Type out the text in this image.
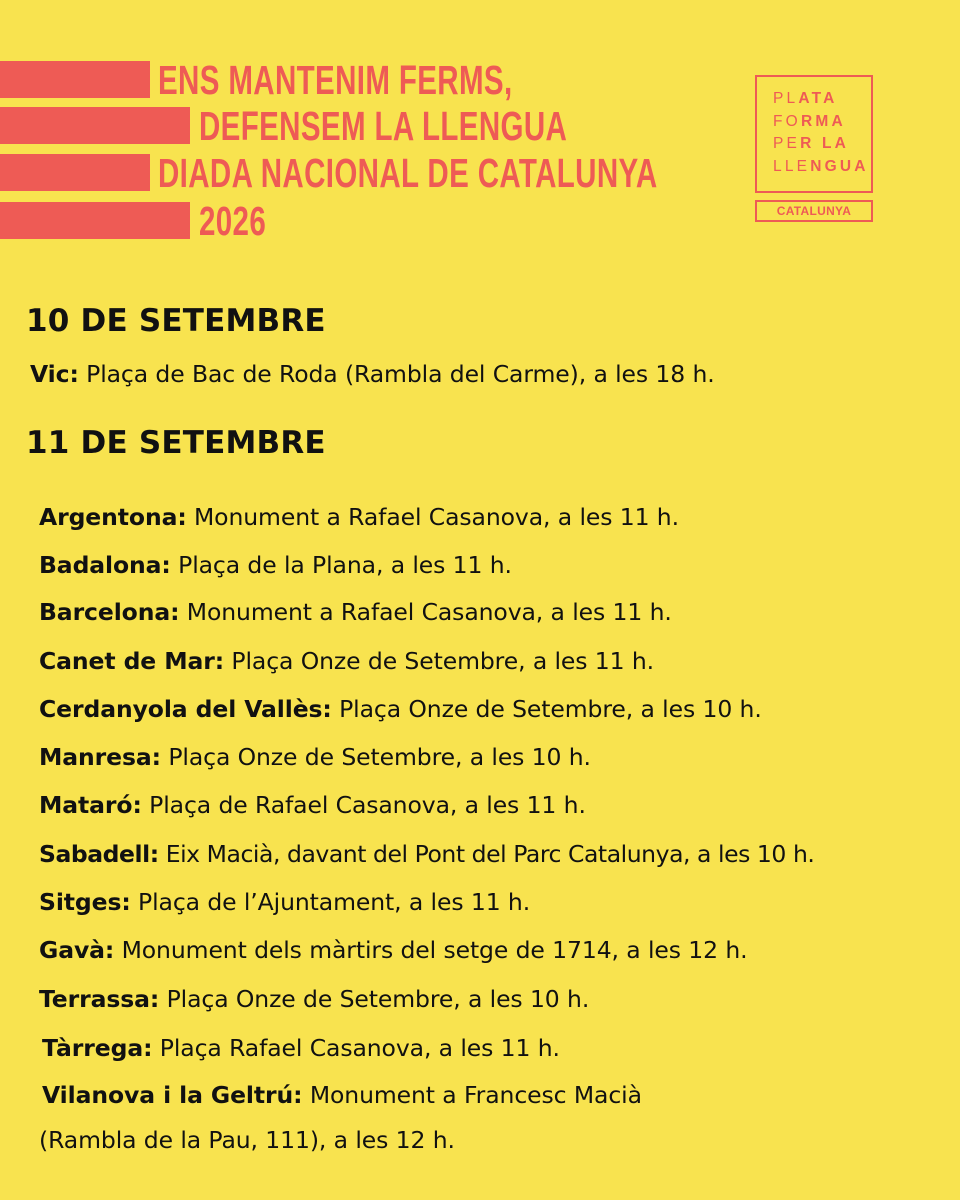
ENS MANTENIM FERMS,
DEFENSEM LA LLENGUA
DIADA NACIONAL DE CATALUNYA
2026
PLATA
FORMA
PER LA
LLENGUA
CATALUNYA
10 DE SETEMBRE
Vic: Plaça de Bac de Roda (Rambla del Carme), a les 18 h.
11 DE SETEMBRE
Argentona: Monument a Rafael Casanova, a les 11 h.
Badalona: Plaça de la Plana, a les 11 h.
Barcelona: Monument a Rafael Casanova, a les 11 h.
Canet de Mar: Plaça Onze de Setembre, a les 11 h.
Cerdanyola del Vallès: Plaça Onze de Setembre, a les 10 h.
Manresa: Plaça Onze de Setembre, a les 10 h.
Mataró: Plaça de Rafael Casanova, a les 11 h.
Sabadell: Eix Macià, davant del Pont del Parc Catalunya, a les 10 h.
Sitges: Plaça de l’Ajuntament, a les 11 h.
Gavà: Monument dels màrtirs del setge de 1714, a les 12 h.
Terrassa: Plaça Onze de Setembre, a les 10 h.
Tàrrega: Plaça Rafael Casanova, a les 11 h.
Vilanova i la Geltrú: Monument a Francesc Macià
(Rambla de la Pau, 111), a les 12 h.
